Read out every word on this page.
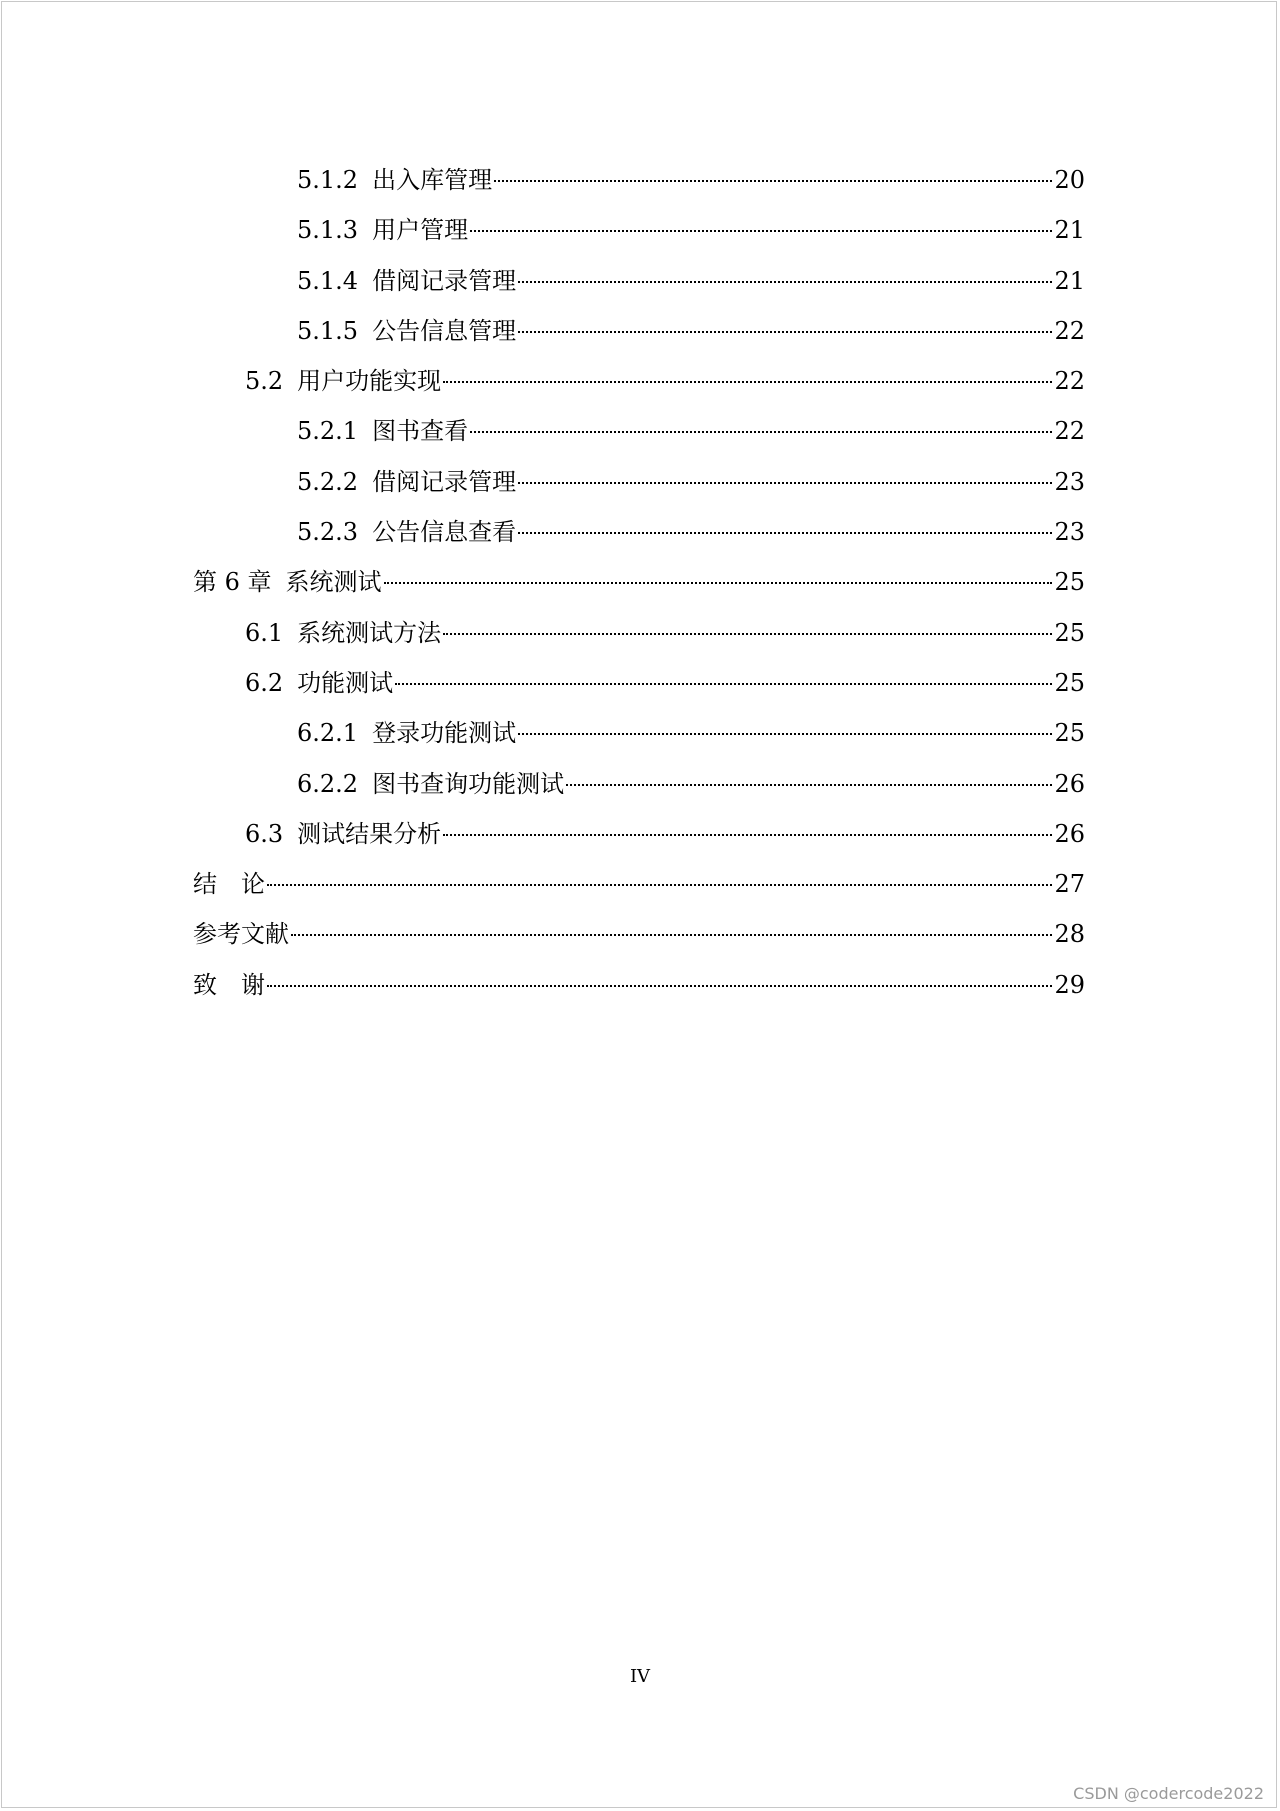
5.1.2 出入库管理	20
5.1.3 用户管理	21
5.1.4 借阅记录管理	21
5.1.5 公告信息管理	22
5.2 用户功能实现	22
5.2.1 图书查看	22
5.2.2 借阅记录管理	23
5.2.3 公告信息查看	23
第 6 章 系统测试	25
6.1 系统测试方法	25
6.2 功能测试	25
6.2.1 登录功能测试	25
6.2.2 图书查询功能测试	26
6.3 测试结果分析	26
结　论	27
参考文献	28
致　谢	29
IV
CSDN @codercode2022
